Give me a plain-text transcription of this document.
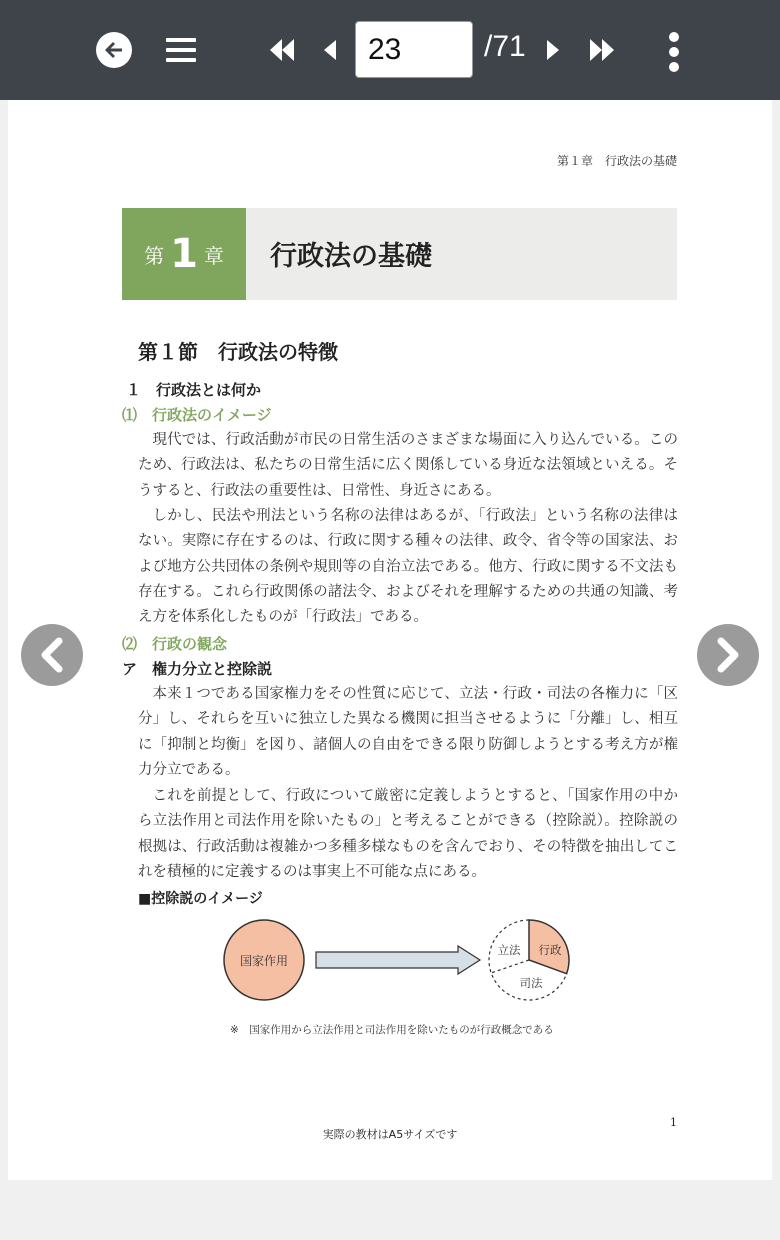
23
/71
第１章　行政法の基礎
第 1 章 行政法の基礎
第１節　行政法の特徴
１　行政法とは何か
⑴　行政法のイメージ
現代では、行政活動が市民の日常生活のさまざまな場面に入り込んでいる。このため、行政法は、私たちの日常生活に広く関係している身近な法領域といえる。そうすると、行政法の重要性は、日常性、身近さにある。
しかし、民法や刑法という名称の法律はあるが、「行政法」という名称の法律はない。実際に存在するのは、行政に関する種々の法律、政令、省令等の国家法、および地方公共団体の条例や規則等の自治立法である。他方、行政に関する不文法も存在する。これら行政関係の諸法令、およびそれを理解するための共通の知識、考え方を体系化したものが「行政法」である。
⑵　行政の観念
ア　権力分立と控除説
本来１つである国家権力をその性質に応じて、立法・行政・司法の各権力に「区分」し、それらを互いに独立した異なる機関に担当させるように「分離」し、相互に「抑制と均衡」を図り、諸個人の自由をできる限り防御しようとする考え方が権力分立である。
これを前提として、行政について厳密に定義しようとすると、「国家作用の中から立法作用と司法作用を除いたもの」と考えることができる（控除説）。控除説の根拠は、行政活動は複雑かつ多種多様なものを含んでおり、その特徴を抽出してこれを積極的に定義するのは事実上不可能な点にある。
■控除説のイメージ
国家作用
立法 行政
司法
※　国家作用から立法作用と司法作用を除いたものが行政概念である
1
実際の教材はA5サイズです
